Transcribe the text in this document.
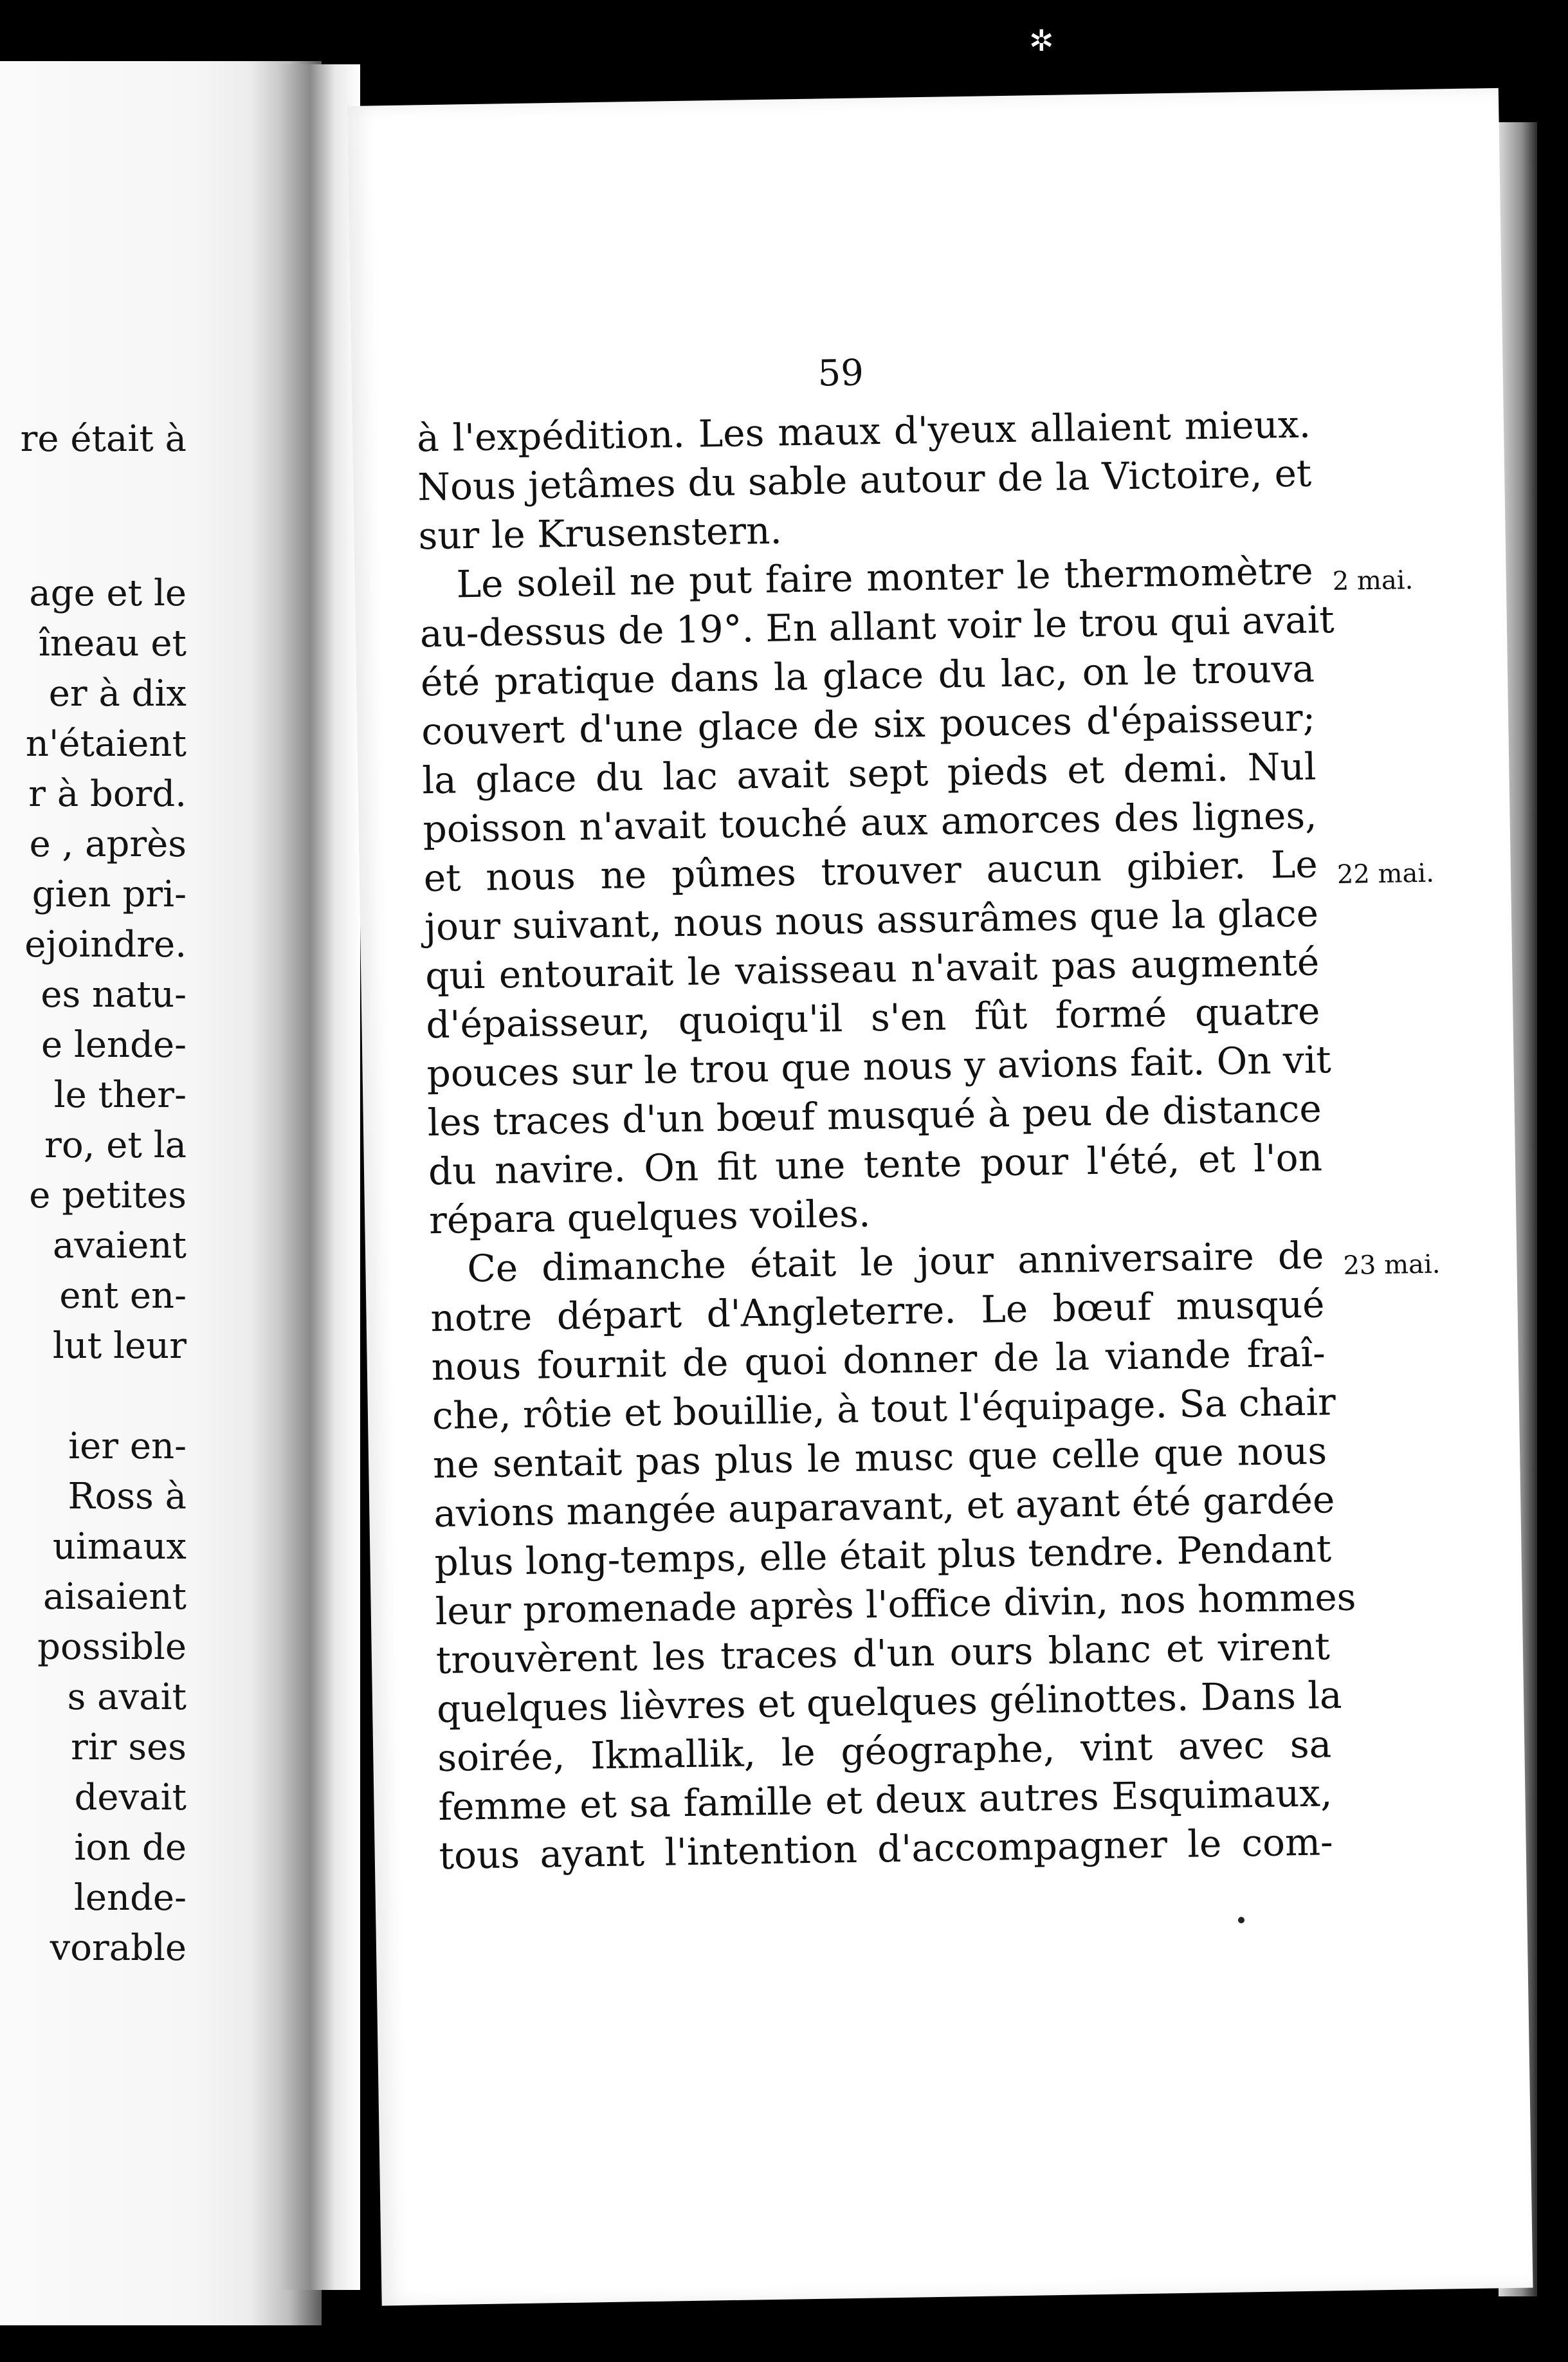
re était à
age et le
îneau et
er à dix
n'étaient
r à bord.
e , après
gien pri-
ejoindre.
es natu-
e lende-
le ther-
ro, et la
e petites
avaient
ent en-
lut leur
ier en-
Ross à
uimaux
aisaient
possible
s avait
rir ses
devait
ion de
lende-
vorable
✲
59
à l'expédition. Les maux d'yeux allaient mieux.
Nous jetâmes du sable autour de la Victoire, et
sur le Krusenstern.
Le soleil ne put faire monter le thermomètre
au-dessus de 19°. En allant voir le trou qui avait
été pratique dans la glace du lac, on le trouva
couvert d'une glace de six pouces d'épaisseur;
la glace du lac avait sept pieds et demi. Nul
poisson n'avait touché aux amorces des lignes,
et nous ne pûmes trouver aucun gibier. Le
jour suivant, nous nous assurâmes que la glace
qui entourait le vaisseau n'avait pas augmenté
d'épaisseur, quoiqu'il s'en fût formé quatre
pouces sur le trou que nous y avions fait. On vit
les traces d'un bœuf musqué à peu de distance
du navire. On fit une tente pour l'été, et l'on
répara quelques voiles.
Ce dimanche était le jour anniversaire de
notre départ d'Angleterre. Le bœuf musqué
nous fournit de quoi donner de la viande fraî-
che, rôtie et bouillie, à tout l'équipage. Sa chair
ne sentait pas plus le musc que celle que nous
avions mangée auparavant, et ayant été gardée
plus long-temps, elle était plus tendre. Pendant
leur promenade après l'office divin, nos hommes
trouvèrent les traces d'un ours blanc et virent
quelques lièvres et quelques gélinottes. Dans la
soirée, Ikmallik, le géographe, vint avec sa
femme et sa famille et deux autres Esquimaux,
tous ayant l'intention d'accompagner le com-
2 mai.
22 mai.
23 mai.
